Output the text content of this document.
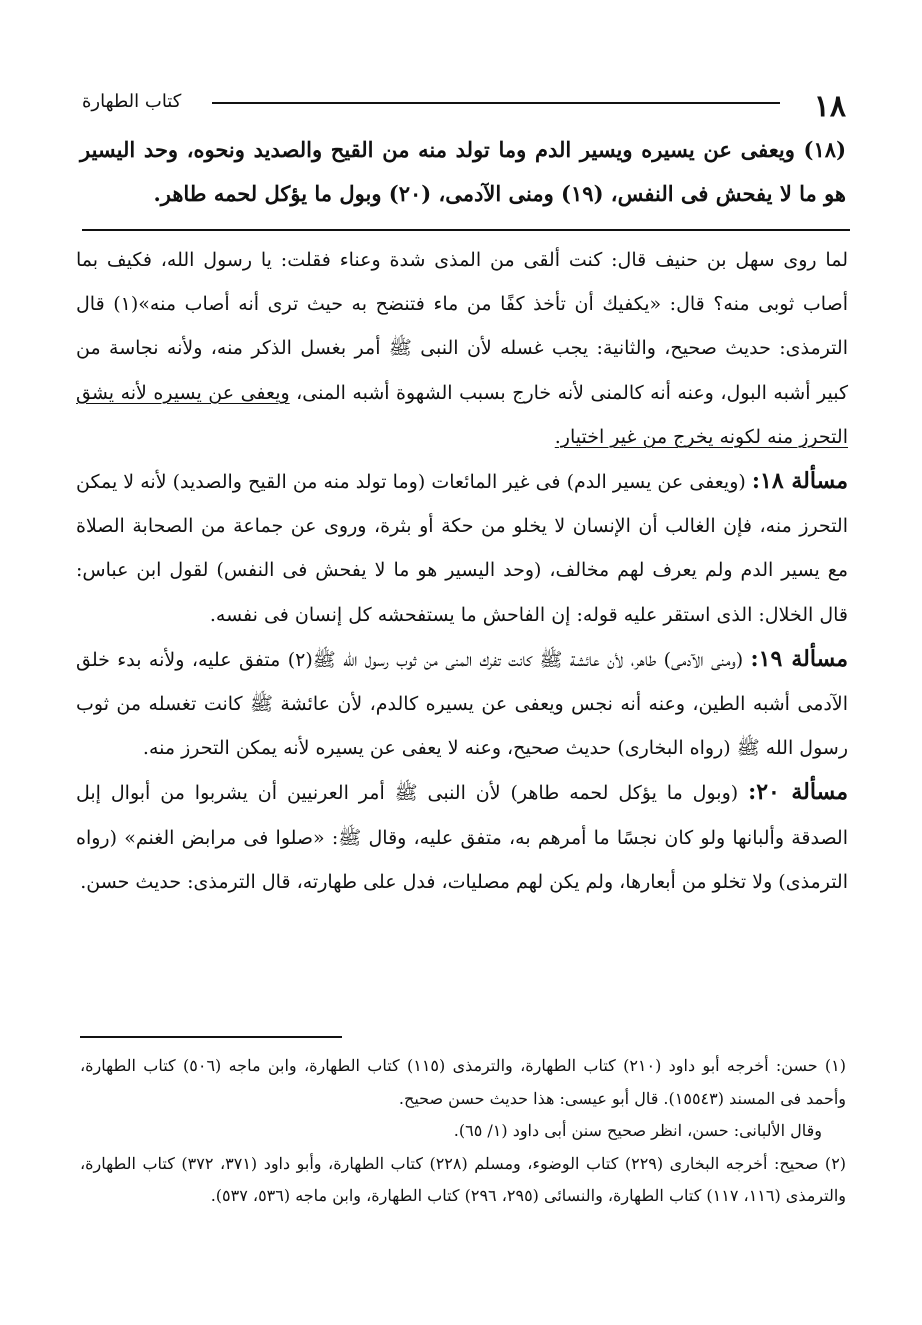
١٨
كتاب الطهارة
(١٨) ويعفى عن يسيره ويسير الدم وما تولد منه من القيح والصديد ونحوه، وحد اليسير هو ما لا يفحش فى النفس، (١٩) ومنى الآدمى، (٢٠) وبول ما يؤكل لحمه طاهر.

لما روى سهل بن حنيف قال: كنت ألقى من المذى شدة وعناء فقلت: يا رسول الله، فكيف بما أصاب ثوبى منه؟ قال: «يكفيك أن تأخذ كفًا من ماء فتنضح به حيث ترى أنه أصاب منه»(١) قال الترمذى: حديث صحيح، والثانية: يجب غسله لأن النبى ﷺ أمر بغسل الذكر منه، ولأنه نجاسة من كبير أشبه البول، وعنه أنه كالمنى لأنه خارج بسبب الشهوة أشبه المنى، ويعفى عن يسيره لأنه يشق التحرز منه لكونه يخرج من غير اختيار.

مسألة ١٨: (ويعفى عن يسير الدم) فى غير المائعات (وما تولد منه من القيح والصديد) لأنه لا يمكن التحرز منه، فإن الغالب أن الإنسان لا يخلو من حكة أو بثرة، وروى عن جماعة من الصحابة الصلاة مع يسير الدم ولم يعرف لهم مخالف، (وحد اليسير هو ما لا يفحش فى النفس) لقول ابن عباس: قال الخلال: الذى استقر عليه قوله: إن الفاحش ما يستفحشه كل إنسان فى نفسه.

مسألة ١٩: (ومنى الآدمى) طاهر، لأن عائشة ﷺ كانت تفرك المنى من ثوب رسول الله ﷺ(٢) متفق عليه، ولأنه بدء خلق الآدمى أشبه الطين، وعنه أنه نجس ويعفى عن يسيره كالدم، لأن عائشة ﷺ كانت تغسله من ثوب رسول الله ﷺ (رواه البخارى) حديث صحيح، وعنه لا يعفى عن يسيره لأنه يمكن التحرز منه.

مسألة ٢٠: (وبول ما يؤكل لحمه طاهر) لأن النبى ﷺ أمر العرنيين أن يشربوا من أبوال إبل الصدقة وألبانها ولو كان نجسًا ما أمرهم به، متفق عليه، وقال ﷺ: «صلوا فى مرابض الغنم» (رواه الترمذى) ولا تخلو من أبعارها، ولم يكن لهم مصليات، فدل على طهارته، قال الترمذى: حديث حسن.

(١) حسن: أخرجه أبو داود (٢١٠) كتاب الطهارة، والترمذى (١١٥) كتاب الطهارة، وابن ماجه (٥٠٦) كتاب الطهارة، وأحمد فى المسند (١٥٥٤٣). قال أبو عيسى: هذا حديث حسن صحيح.

وقال الألبانى: حسن، انظر صحيح سنن أبى داود (١/ ٦٥).

(٢) صحيح: أخرجه البخارى (٢٢٩) كتاب الوضوء، ومسلم (٢٢٨) كتاب الطهارة، وأبو داود (٣٧١، ٣٧٢) كتاب الطهارة، والترمذى (١١٦، ١١٧) كتاب الطهارة، والنسائى (٢٩٥، ٢٩٦) كتاب الطهارة، وابن ماجه (٥٣٦، ٥٣٧).
